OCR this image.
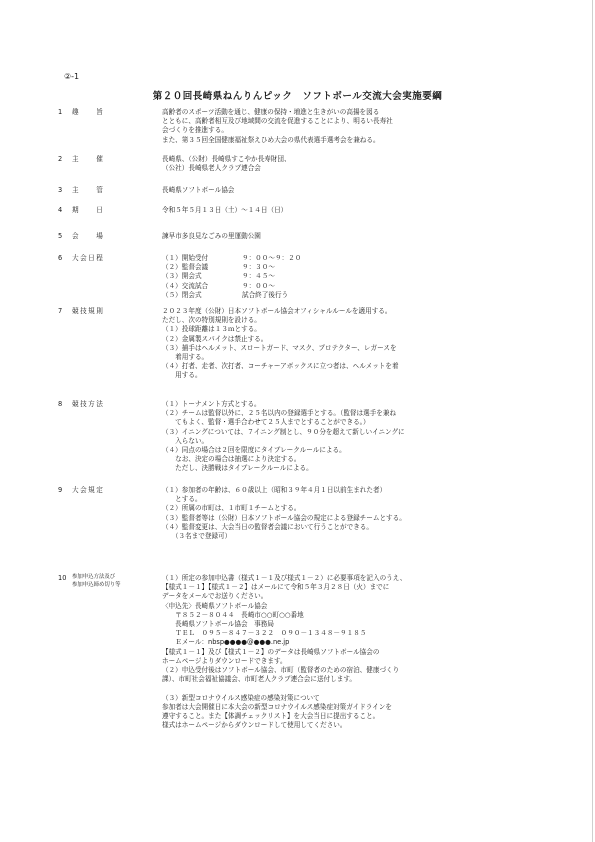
②-1
第２０回長崎県ねんりんピック　ソフトボール交流大会実施要綱
1	趣　　旨	高齢者のスポーツ活動を通じ、健康の保持・増進と生きがいの高揚を図る
とともに、高齢者相互及び地域間の交流を促進することにより、明るい長寿社
会づくりを推進する。
また、第３５回全国健康福祉祭えひめ大会の県代表選手選考会を兼ねる。
2	主　　催	長崎県、（公財）長崎県すこやか長寿財団、
（公社）長崎県老人クラブ連合会
3	主　　管	長崎県ソフトボール協会
4	期　　日	令和５年５月１３日（土）～１４日（日）
5	会　　場	諫早市多良見なごみの里運動公園
6	大会日程	（１）開始受付	９：００～９：２０
（２）監督会議	９：３０～
（３）開会式	９：４５～
（４）交流試合	９：００～
（５）閉会式	試合終了後行う
7	競技規則	２０２３年度（公財）日本ソフトボール協会オフィシャルルールを適用する。
ただし、次の特別規則を設ける。
（１）投球距離は１３ｍとする。
（２）金属製スパイクは禁止する。
（３）捕手はヘルメット、スロートガード、マスク、プロテクター、レガースを
　　着用する。
（４）打者、走者、次打者、コーチャーアボックスに立つ者は、ヘルメットを着
　　用する。
8	競技方法	（１）トーナメント方式とする。
（２）チームは監督以外に、２５名以内の登録選手とする。（監督は選手を兼ね
　　てもよく、監督・選手合わせて２５人までとすることができる。）
（３）イニングについては、７イニング制とし、９０分を超えて新しいイニングに
　　入らない。
（４）同点の場合は２回を限度にタイブレークルールによる。
　　なお、決定の場合は抽選により決定する。
　　ただし、決勝戦はタイブレークルールによる。
9	大会規定	（１）参加者の年齢は、６０歳以上（昭和３９年４月１日以前生まれた者）
　　とする。
（２）所属の市町は、１市町１チームとする。
（３）監督者等は（公財）日本ソフトボール協会の規定による登録チームとする。
（４）監督変更は、大会当日の監督者会議において行うことができる。
　　（３名まで登録可）
10	参加申込方法及び
参加申込締め切り等
（１）所定の参加申込書（様式１－１及び様式１－２）に必要事項を記入のうえ、
【様式１－１】【様式１－２】はメールにて令和５年３月２８日（火）までに
データをメールでお送りください。
〈申込先〉長崎県ソフトボール協会
　　〒８５２－８０４４　長崎市○○町○○番地
　　長崎県ソフトボール協会　事務局
　　ＴＥＬ　０９５－８４７－３２２　０９０－１３４８－９１８５
　　Ｅメール：nbsp●●●●@●●●.ne.jp
【様式１－１】及び【様式１－２】のデータは長崎県ソフトボール協会の
ホームページよりダウンロードできます。
（２）申込受付後はソフトボール協会、市町（監督者のための宿泊、健康づくり
課）、市町社会福祉協議会、市町老人クラブ連合会に送付します。

（３）新型コロナウイルス感染症の感染対策について
参加者は大会開催日に本大会の新型コロナウイルス感染症対策ガイドラインを
遵守すること。また【体調チェックリスト】を大会当日に提出すること。
様式はホームページからダウンロードして使用してください。
